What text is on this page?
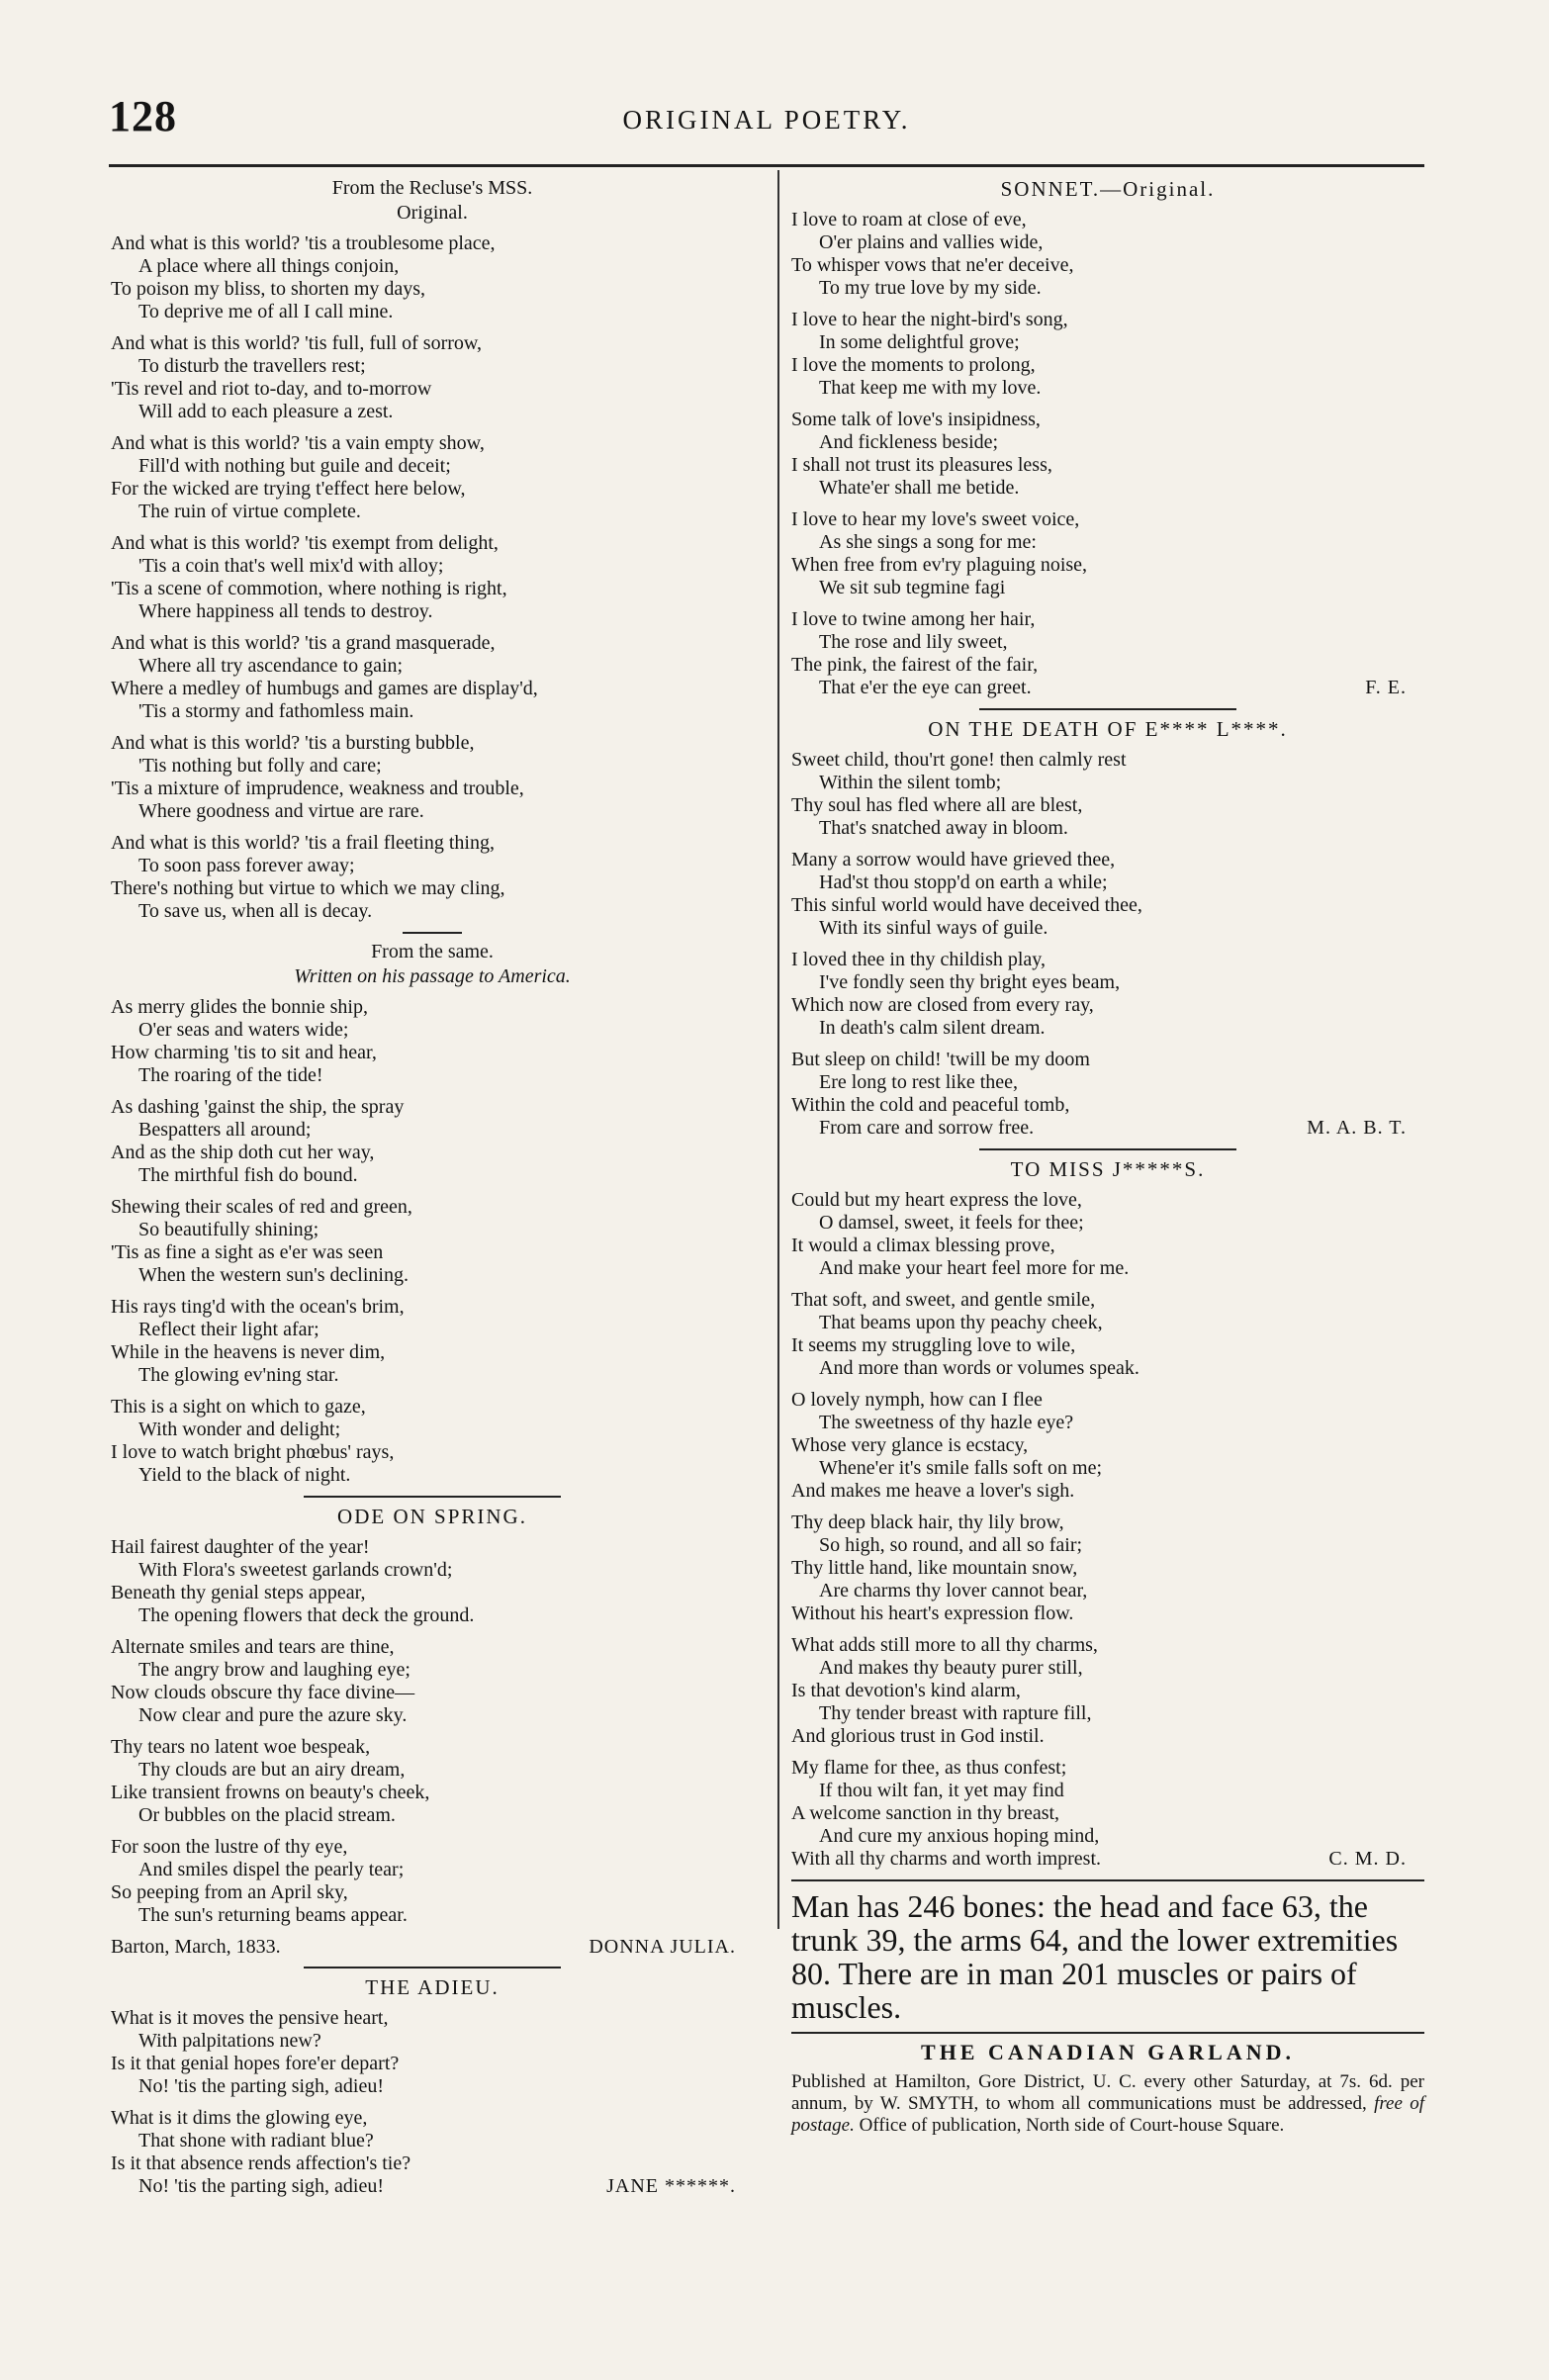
128	ORIGINAL POETRY.
From the Recluse's MSS.
Original.
And what is this world? 'tis a troublesome place,
A place where all things conjoin,
To poison my bliss, to shorten my days,
To deprive me of all I call mine.
And what is this world? 'tis full, full of sorrow,
To disturb the travellers rest;
'Tis revel and riot to-day, and to-morrow
Will add to each pleasure a zest.
And what is this world? 'tis a vain empty show,
Fill'd with nothing but guile and deceit;
For the wicked are trying t'effect here below,
The ruin of virtue complete.
And what is this world? 'tis exempt from delight,
'Tis a coin that's well mix'd with alloy;
'Tis a scene of commotion, where nothing is right,
Where happiness all tends to destroy.
And what is this world? 'tis a grand masquerade,
Where all try ascendance to gain;
Where a medley of humbugs and games are display'd,
'Tis a stormy and fathomless main.
And what is this world? 'tis a bursting bubble,
'Tis nothing but folly and care;
'Tis a mixture of imprudence, weakness and trouble,
Where goodness and virtue are rare.
And what is this world? 'tis a frail fleeting thing,
To soon pass forever away;
There's nothing but virtue to which we may cling,
To save us, when all is decay.
From the same.
Written on his passage to America.
As merry glides the bonnie ship,
O'er seas and waters wide;
How charming 'tis to sit and hear,
The roaring of the tide!
As dashing 'gainst the ship, the spray
Bespatters all around;
And as the ship doth cut her way,
The mirthful fish do bound.
Shewing their scales of red and green,
So beautifully shining;
'Tis as fine a sight as e'er was seen
When the western sun's declining.
His rays ting'd with the ocean's brim,
Reflect their light afar;
While in the heavens is never dim,
The glowing ev'ning star.
This is a sight on which to gaze,
With wonder and delight;
I love to watch bright phœbus' rays,
Yield to the black of night.
ODE ON SPRING.
Hail fairest daughter of the year!
With Flora's sweetest garlands crown'd;
Beneath thy genial steps appear,
The opening flowers that deck the ground.
Alternate smiles and tears are thine,
The angry brow and laughing eye;
Now clouds obscure thy face divine—
Now clear and pure the azure sky.
Thy tears no latent woe bespeak,
Thy clouds are but an airy dream,
Like transient frowns on beauty's cheek,
Or bubbles on the placid stream.
For soon the lustre of thy eye,
And smiles dispel the pearly tear;
So peeping from an April sky,
The sun's returning beams appear.
Barton, March, 1833.	DONNA JULIA.
THE ADIEU.
What is it moves the pensive heart,
With palpitations new?
Is it that genial hopes fore'er depart?
No! 'tis the parting sigh, adieu!
What is it dims the glowing eye,
That shone with radiant blue?
Is it that absence rends affection's tie?
No! 'tis the parting sigh, adieu!	JANE ******.
SONNET.—Original.
I love to roam at close of eve,
O'er plains and vallies wide,
To whisper vows that ne'er deceive,
To my true love by my side.
I love to hear the night-bird's song,
In some delightful grove;
I love the moments to prolong,
That keep me with my love.
Some talk of love's insipidness,
And fickleness beside;
I shall not trust its pleasures less,
Whate'er shall me betide.
I love to hear my love's sweet voice,
As she sings a song for me:
When free from ev'ry plaguing noise,
We sit sub tegmine fagi
I love to twine among her hair,
The rose and lily sweet,
The pink, the fairest of the fair,
That e'er the eye can greet.	F. E.
ON THE DEATH OF E**** L****.
Sweet child, thou'rt gone! then calmly rest
Within the silent tomb;
Thy soul has fled where all are blest,
That's snatched away in bloom.
Many a sorrow would have grieved thee,
Had'st thou stopp'd on earth a while;
This sinful world would have deceived thee,
With its sinful ways of guile.
I loved thee in thy childish play,
I've fondly seen thy bright eyes beam,
Which now are closed from every ray,
In death's calm silent dream.
But sleep on child! 'twill be my doom
Ere long to rest like thee,
Within the cold and peaceful tomb,
From care and sorrow free.	M. A. B. T.
TO MISS J*****S.
Could but my heart express the love,
O damsel, sweet, it feels for thee;
It would a climax blessing prove,
And make your heart feel more for me.
That soft, and sweet, and gentle smile,
That beams upon thy peachy cheek,
It seems my struggling love to wile,
And more than words or volumes speak.
O lovely nymph, how can I flee
The sweetness of thy hazle eye?
Whose very glance is ecstacy,
Whene'er it's smile falls soft on me;
And makes me heave a lover's sigh.
Thy deep black hair, thy lily brow,
So high, so round, and all so fair;
Thy little hand, like mountain snow,
Are charms thy lover cannot bear,
Without his heart's expression flow.
What adds still more to all thy charms,
And makes thy beauty purer still,
Is that devotion's kind alarm,
Thy tender breast with rapture fill,
And glorious trust in God instil.
My flame for thee, as thus confest;
If thou wilt fan, it yet may find
A welcome sanction in thy breast,
And cure my anxious hoping mind,
With all thy charms and worth imprest.	C. M. D.
Man has 246 bones: the head and face 63, the trunk 39, the arms 64, and the lower extremities 80. There are in man 201 muscles or pairs of muscles.
THE CANADIAN GARLAND.
Published at Hamilton, Gore District, U. C. every other Saturday, at 7s. 6d. per annum, by W. SMYTH, to whom all communications must be addressed, free of postage. Office of publication, North side of Court-house Square.
